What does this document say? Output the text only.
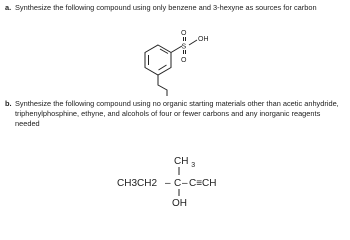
a. Synthesize the following compound using only benzene and 3-hexyne as sources for carbon
O
S
O
OH
CH $_3$
CH3CH2 – C – C≡CH
OH
b. Synthesize the following compound using no organic starting materials other than acetic anhydride, triphenylphosphine, ethyne, and alcohols of four or fewer carbons and any inorganic reagents needed
